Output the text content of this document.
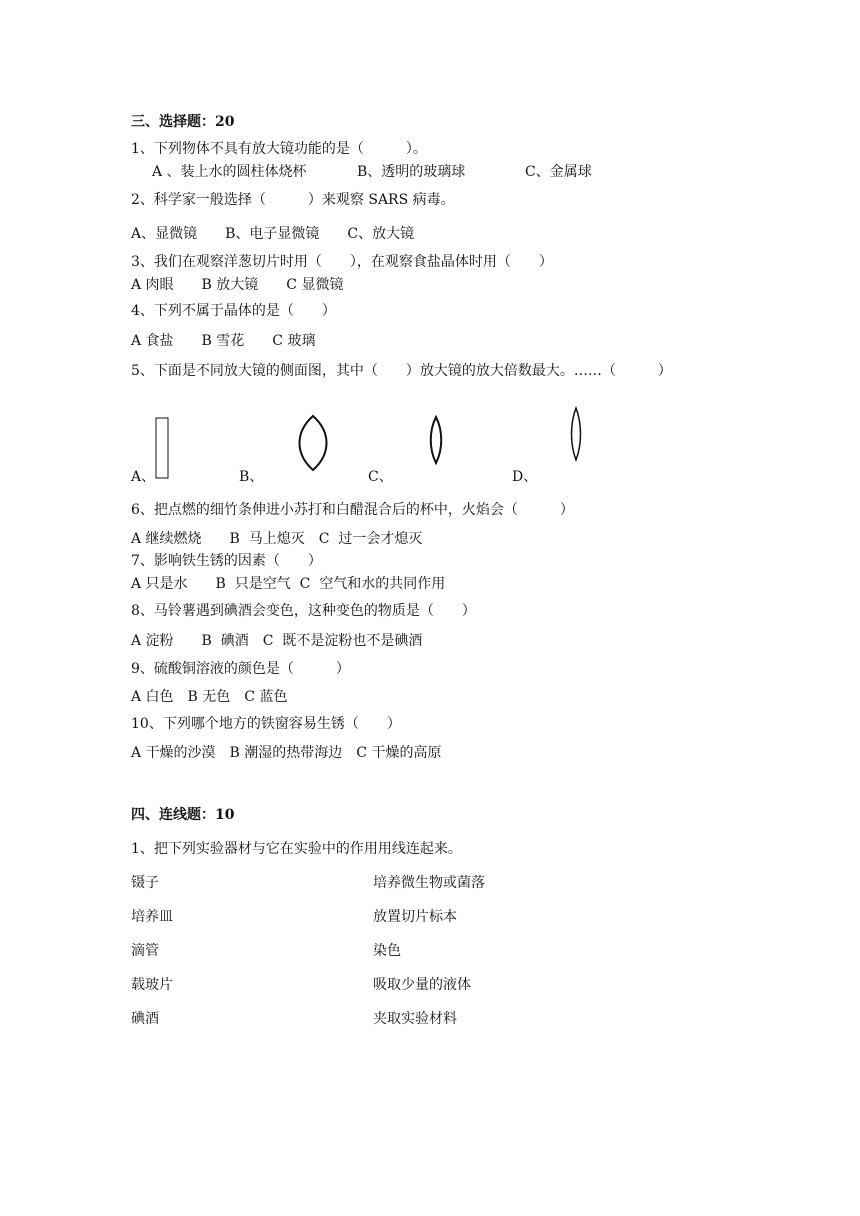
三、选择题：20
1、下列物体不具有放大镜功能的是（　　　）。
A 、装上水的圆柱体烧杯	B、透明的玻璃球	C、金属球
2、科学家一般选择（　　　）来观察 SARS 病毒。
A、显微镜　　B、电子显微镜　　C、放大镜
3、我们在观察洋葱切片时用（　　），在观察食盐晶体时用（　　）
A 肉眼　　B 放大镜　　C 显微镜
4、下列不属于晶体的是（　　）
A 食盐　　B 雪花　　C 玻璃
5、下面是不同放大镜的侧面图，其中（　　）放大镜的放大倍数最大。……（　　　）
A、	B、	C、	D、
6、把点燃的细竹条伸进小苏打和白醋混合后的杯中，火焰会（　　　）
A 继续燃烧　　B  马上熄灭　C  过一会才熄灭
7、影响铁生锈的因素（　　）
A 只是水　　B  只是空气  C  空气和水的共同作用
8、马铃薯遇到碘酒会变色，这种变色的物质是（　　）
A 淀粉　　B  碘酒　C  既不是淀粉也不是碘酒
9、硫酸铜溶液的颜色是（　　　）
A 白色　B 无色　C 蓝色
10、下列哪个地方的铁窗容易生锈（　　）
A 干燥的沙漠　B 潮湿的热带海边　C 干燥的高原
四、连线题：10
1、把下列实验器材与它在实验中的作用用线连起来。
镊子	培养微生物或菌落
培养皿	放置切片标本
滴管	染色
载玻片	吸取少量的液体
碘酒	夹取实验材料
